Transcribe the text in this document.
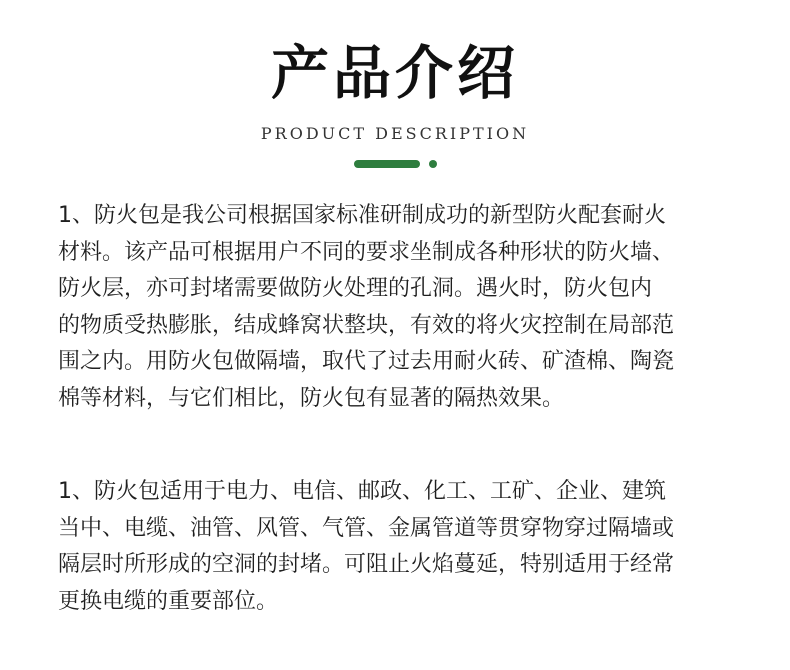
产品介绍
PRODUCT DESCRIPTION
1、防火包是我公司根据国家标准研制成功的新型防火配套耐火
材料。该产品可根据用户不同的要求坐制成各种形状的防火墙、
防火层，亦可封堵需要做防火处理的孔洞。遇火时，防火包内
的物质受热膨胀，结成蜂窝状整块，有效的将火灾控制在局部范
围之内。用防火包做隔墙，取代了过去用耐火砖、矿渣棉、陶瓷
棉等材料，与它们相比，防火包有显著的隔热效果。
1、防火包适用于电力、电信、邮政、化工、工矿、企业、建筑
当中、电缆、油管、风管、气管、金属管道等贯穿物穿过隔墙或
隔层时所形成的空洞的封堵。可阻止火焰蔓延，特别适用于经常
更换电缆的重要部位。
